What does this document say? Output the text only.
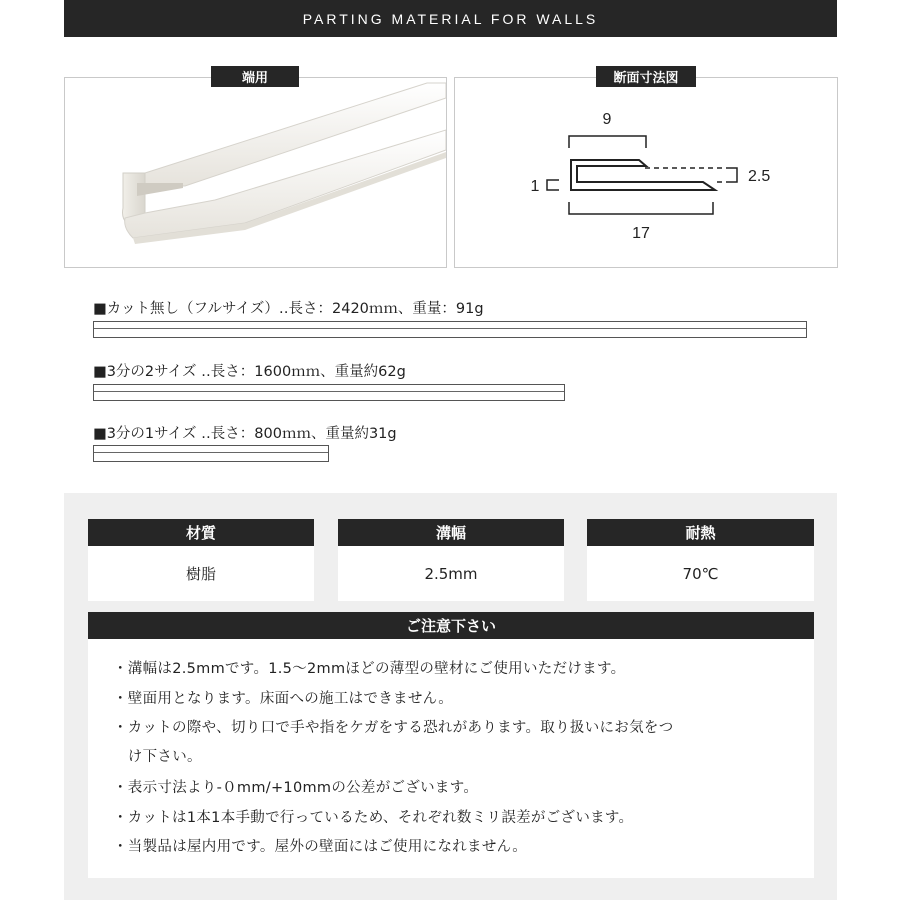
PARTING MATERIAL FOR WALLS
端用
9
2.5
1
17
断面寸法図
■カット無し（フルサイズ）‥長さ：2420ｍｍ、重量：91g
■3分の2サイズ ‥長さ：1600ｍｍ、重量約62g
■3分の1サイズ ‥長さ：800ｍｍ、重量約31g
材質
樹脂
溝幅
2.5mm
耐熱
70℃
ご注意下さい
・溝幅は2.5mmです。1.5～2mmほどの薄型の壁材にご使用いただけます。
・壁面用となります。床面への施工はできません。
・カットの際や、切り口で手や指をケガをする恐れがあります。取り扱いにお気をつ
　け下さい。
・表示寸法より-０mm/+10mmの公差がございます。
・カットは1本1本手動で行っているため、それぞれ数ミリ誤差がございます。
・当製品は屋内用です。屋外の壁面にはご使用になれません。
